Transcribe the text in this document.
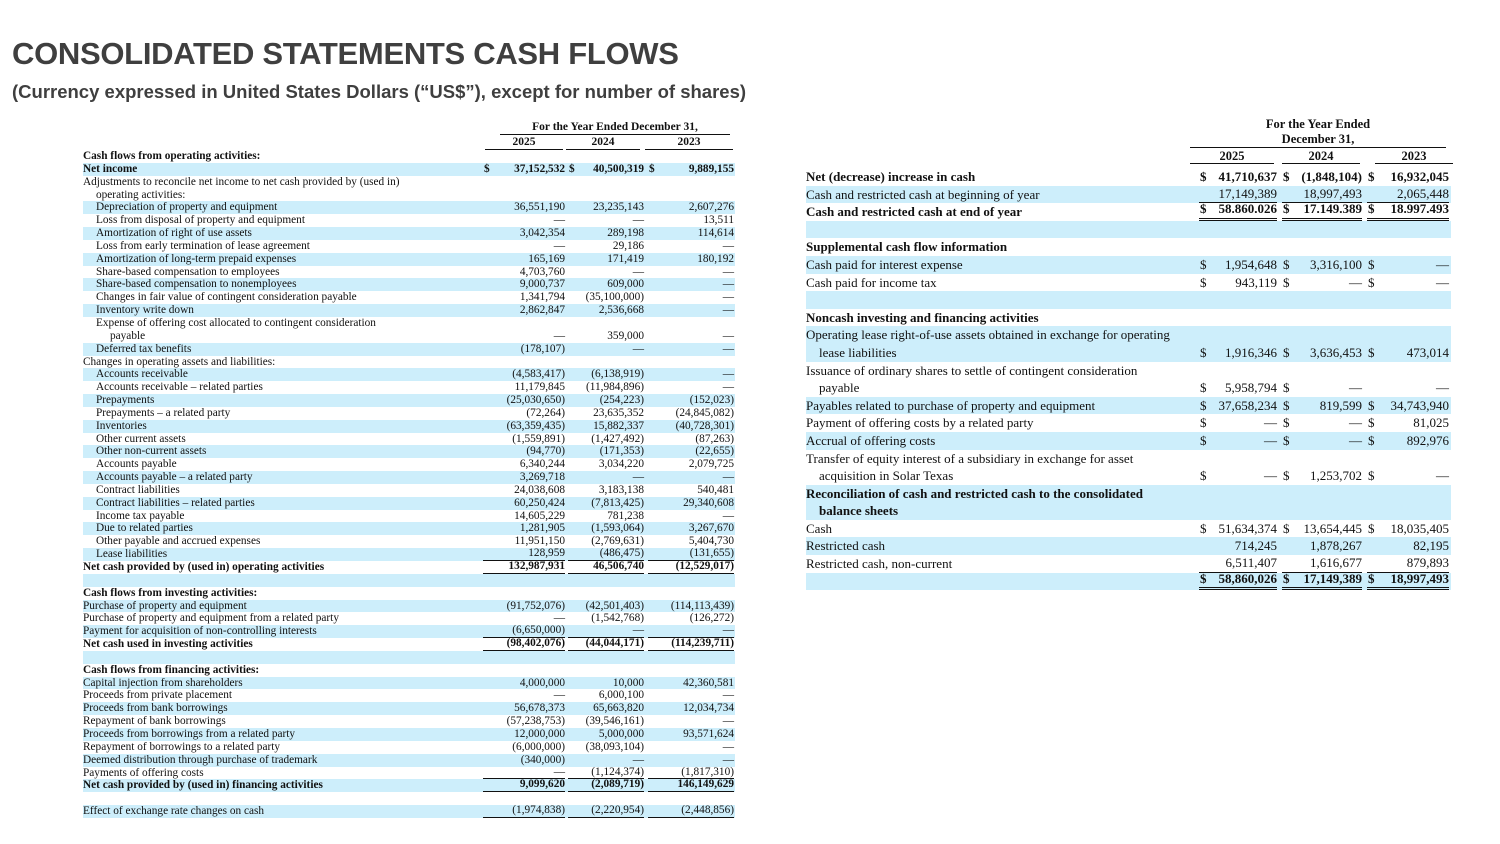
CONSOLIDATED STATEMENTS CASH FLOWS
(Currency expressed in United States Dollars (“US$”), except for number of shares)
For the Year Ended December 31,
2025	2024	2023
Cash flows from operating activities:
Net income	$ 37,152,532 $ 40,500,319 $	9,889,155
Adjustments to reconcile net income to net cash provided by (used in)
operating activities:
Depreciation of property and equipment	36,551,190	23,235,143	2,607,276
Loss from disposal of property and equipment	—	—	13,511
Amortization of right of use assets	3,042,354	289,198	114,614
Loss from early termination of lease agreement	—	29,186	—
Amortization of long-term prepaid expenses	165,169	171,419	180,192
Share-based compensation to employees	4,703,760	—	—
Share-based compensation to nonemployees	9,000,737	609,000	—
Changes in fair value of contingent consideration payable	1,341,794	(35,100,000)	—
Inventory write down	2,862,847	2,536,668	—
Expense of offering cost allocated to contingent consideration
payable	—	359,000	—
Deferred tax benefits	(178,107)	—	—
Changes in operating assets and liabilities:
Accounts receivable	(4,583,417)	(6,138,919)	—
Accounts receivable – related parties	11,179,845	(11,984,896)	—
Prepayments	(25,030,650)	(254,223)	(152,023)
Prepayments – a related party	(72,264)	23,635,352	(24,845,082)
Inventories	(63,359,435)	15,882,337	(40,728,301)
Other current assets	(1,559,891)	(1,427,492)	(87,263)
Other non-current assets	(94,770)	(171,353)	(22,655)
Accounts payable	6,340,244	3,034,220	2,079,725
Accounts payable – a related party	3,269,718	—	—
Contract liabilities	24,038,608	3,183,138	540,481
Contract liabilities – related parties	60,250,424	(7,813,425)	29,340,608
Income tax payable	14,605,229	781,238	—
Due to related parties	1,281,905	(1,593,064)	3,267,670
Other payable and accrued expenses	11,951,150	(2,769,631)	5,404,730
Lease liabilities	128,959	(486,475)	(131,655)
Net cash provided by (used in) operating activities	132,987,931	46,506,740	(12,529,017)
Cash flows from investing activities:
Purchase of property and equipment	(91,752,076)	(42,501,403)	(114,113,439)
Purchase of property and equipment from a related party	—	(1,542,768)	(126,272)
Payment for acquisition of non-controlling interests	(6,650,000)	—	—
Net cash used in investing activities	(98,402,076)	(44,044,171)	(114,239,711)
Cash flows from financing activities:
Capital injection from shareholders	4,000,000	10,000	42,360,581
Proceeds from private placement	—	6,000,100	—
Proceeds from bank borrowings	56,678,373	65,663,820	12,034,734
Repayment of bank borrowings	(57,238,753)	(39,546,161)	—
Proceeds from borrowings from a related party	12,000,000	5,000,000	93,571,624
Repayment of borrowings to a related party	(6,000,000)	(38,093,104)	—
Deemed distribution through purchase of trademark	(340,000)	—	—
Payments of offering costs	—	(1,124,374)	(1,817,310)
Net cash provided by (used in) financing activities	9,099,620	(2,089,719)	146,149,629
Effect of exchange rate changes on cash	(1,974,838)	(2,220,954)	(2,448,856)
For the Year Ended
December 31,
2025	2024	2023
Net (decrease) increase in cash	$ 41,710,637 $ (1,848,104) $ 16,932,045
Cash and restricted cash at beginning of year	17,149,389	18,997,493	2,065,448
Cash and restricted cash at end of year	$ 58.860.026 $ 17.149.389 $ 18.997.493
Supplemental cash flow information
Cash paid for interest expense	$ 1,954,648 $ 3,316,100 $	—
Cash paid for income tax	$ 943,119 $	— $	—
Noncash investing and financing activities
Operating lease right-of-use assets obtained in exchange for operating
lease liabilities	$ 1,916,346 $ 3,636,453 $ 473,014
Issuance of ordinary shares to settle of contingent consideration
payable	$ 5,958,794 $	—	—
Payables related to purchase of property and equipment	$ 37,658,234 $ 819,599 $ 34,743,940
Payment of offering costs by a related party	$	— $	— $	81,025
Accrual of offering costs	$	— $	— $ 892,976
Transfer of equity interest of a subsidiary in exchange for asset
acquisition in Solar Texas	$	— $ 1,253,702 $	—
Reconciliation of cash and restricted cash to the consolidated
balance sheets
Cash	$ 51,634,374 $ 13,654,445 $ 18,035,405
Restricted cash	714,245	1,878,267	82,195
Restricted cash, non-current	6,511,407	1,616,677	879,893
$ 58,860,026 $ 17,149,389 $ 18,997,493
